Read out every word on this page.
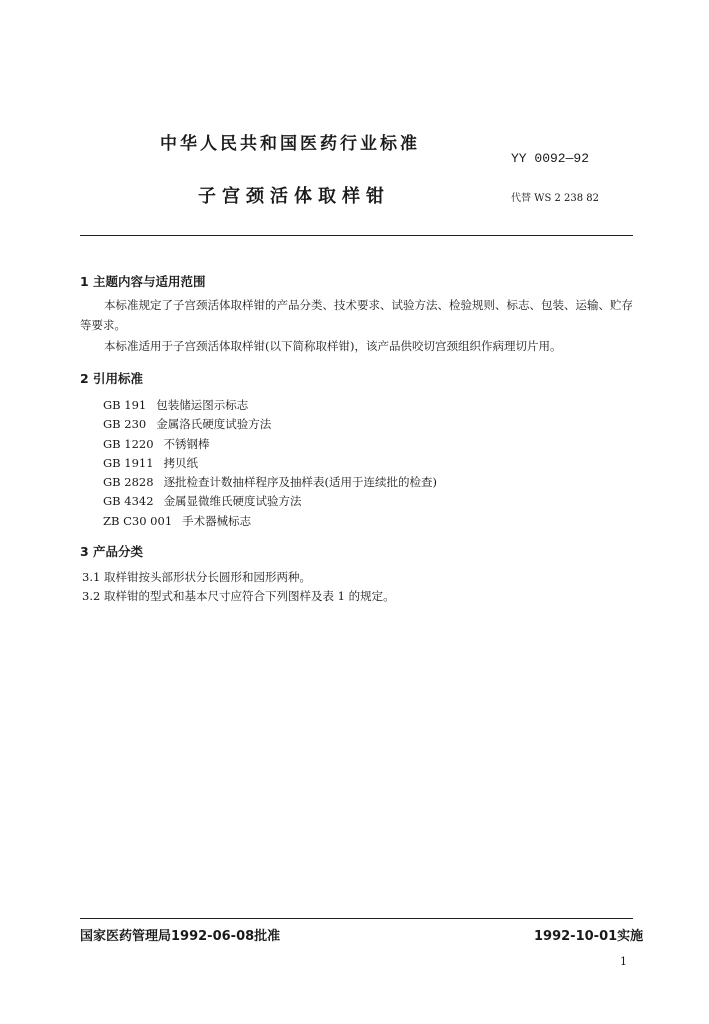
中华人民共和国医药行业标准
YY 0092—92
子宫颈活体取样钳	代替 WS 2 238 82
1 主题内容与适用范围
本标准规定了子宫颈活体取样钳的产品分类、技术要求、试验方法、检验规则、标志、包装、运输、贮存等要求。
本标准适用于子宫颈活体取样钳(以下简称取样钳)，该产品供咬切宫颈组织作病理切片用。
2 引用标准
GB 191 包装储运图示标志
GB 230 金属洛氏硬度试验方法
GB 1220 不锈钢棒
GB 1911 拷贝纸
GB 2828 逐批检查计数抽样程序及抽样表(适用于连续批的检查)
GB 4342 金属显微维氏硬度试验方法
ZB C30 001 手术器械标志
3 产品分类
3.1 取样钳按头部形状分长圆形和园形两种。
3.2 取样钳的型式和基本尺寸应符合下列图样及表 1 的规定。
国家医药管理局1992-06-08批准	1992-10-01实施
1
